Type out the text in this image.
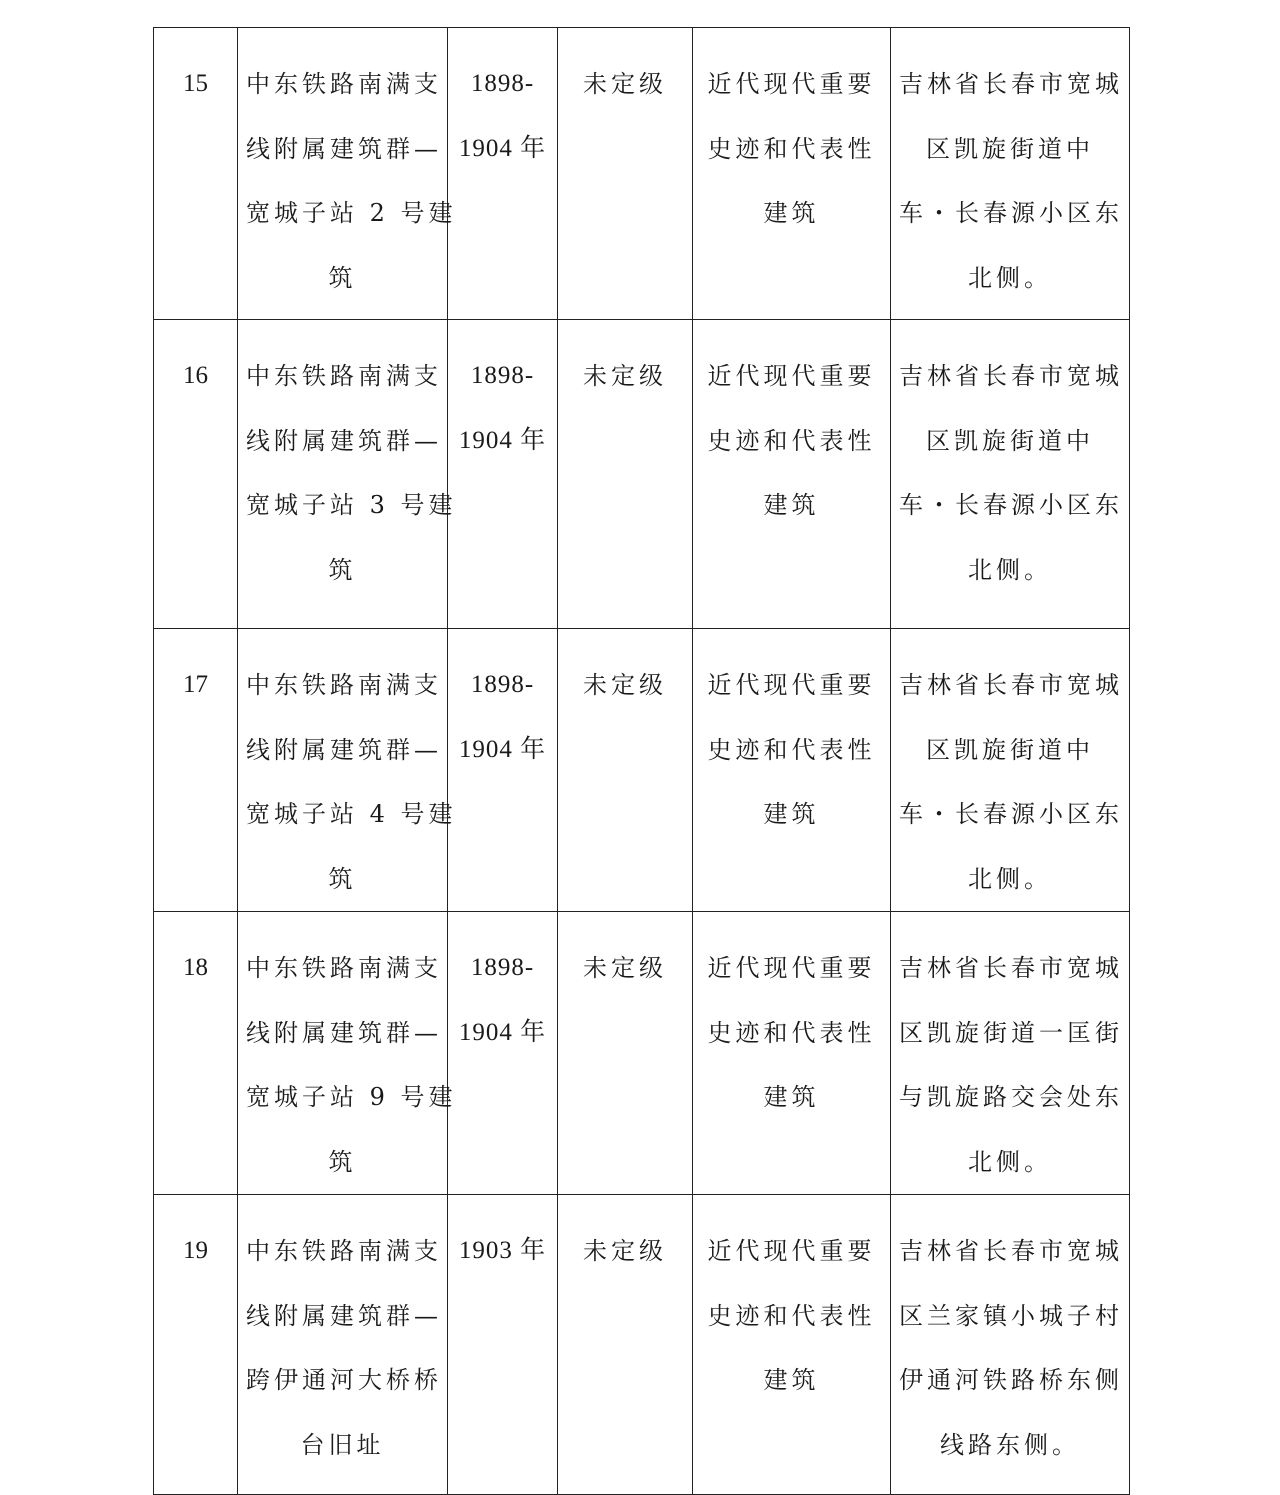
15	中东铁路南满支
线附属建筑群—
宽城子站 2 号建
筑	1898-
1904 年	未定级	近代现代重要
史迹和代表性
建筑	吉林省长春市宽城
区凯旋街道中
车・长春源小区东
北侧。

16	中东铁路南满支
线附属建筑群—
宽城子站 3 号建
筑	1898-
1904 年	未定级	近代现代重要
史迹和代表性
建筑	吉林省长春市宽城
区凯旋街道中
车・长春源小区东
北侧。

17	中东铁路南满支
线附属建筑群—
宽城子站 4 号建
筑	1898-
1904 年	未定级	近代现代重要
史迹和代表性
建筑	吉林省长春市宽城
区凯旋街道中
车・长春源小区东
北侧。

18	中东铁路南满支
线附属建筑群—
宽城子站 9 号建
筑	1898-
1904 年	未定级	近代现代重要
史迹和代表性
建筑	吉林省长春市宽城
区凯旋街道一匡街
与凯旋路交会处东
北侧。

19	中东铁路南满支
线附属建筑群—
跨伊通河大桥桥
台旧址	1903 年	未定级	近代现代重要
史迹和代表性
建筑	吉林省长春市宽城
区兰家镇小城子村
伊通河铁路桥东侧
线路东侧。
